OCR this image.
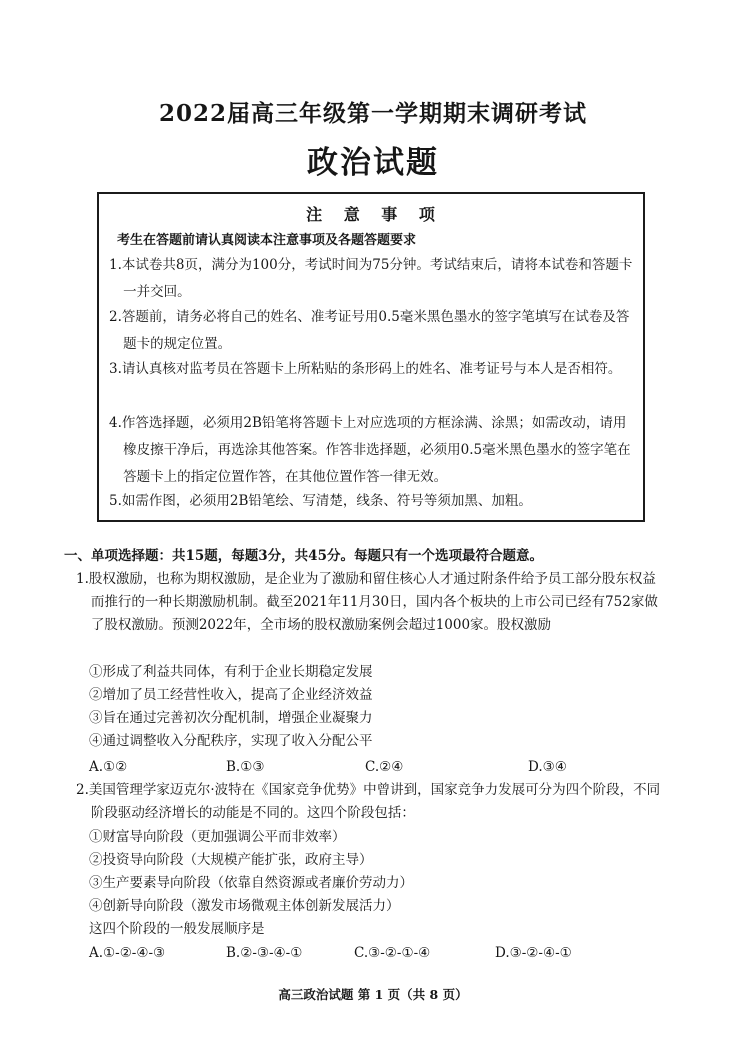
2022届高三年级第一学期期末调研考试
政治试题
注 意 事 项
考生在答题前请认真阅读本注意事项及各题答题要求
1.本试卷共8页，满分为100分，考试时间为75分钟。考试结束后，请将本试卷和答题卡一并交回。
2.答题前，请务必将自己的姓名、准考证号用0.5毫米黑色墨水的签字笔填写在试卷及答题卡的规定位置。
3.请认真核对监考员在答题卡上所粘贴的条形码上的姓名、准考证号与本人是否相符。
4.作答选择题，必须用2B铅笔将答题卡上对应选项的方框涂满、涂黑；如需改动，请用橡皮擦干净后，再选涂其他答案。作答非选择题，必须用0.5毫米黑色墨水的签字笔在答题卡上的指定位置作答，在其他位置作答一律无效。
5.如需作图，必须用2B铅笔绘、写清楚，线条、符号等须加黑、加粗。
一、单项选择题：共15题，每题3分，共45分。每题只有一个选项最符合题意。
1.股权激励，也称为期权激励，是企业为了激励和留住核心人才通过附条件给予员工部分股东权益而推行的一种长期激励机制。截至2021年11月30日，国内各个板块的上市公司已经有752家做了股权激励。预测2022年，全市场的股权激励案例会超过1000家。股权激励
①形成了利益共同体，有利于企业长期稳定发展
②增加了员工经营性收入，提高了企业经济效益
③旨在通过完善初次分配机制，增强企业凝聚力
④通过调整收入分配秩序，实现了收入分配公平
A.①②	B.①③	C.②④	D.③④
2.美国管理学家迈克尔·波特在《国家竞争优势》中曾讲到，国家竞争力发展可分为四个阶段，不同阶段驱动经济增长的动能是不同的。这四个阶段包括：
①财富导向阶段（更加强调公平而非效率）
②投资导向阶段（大规模产能扩张，政府主导）
③生产要素导向阶段（依靠自然资源或者廉价劳动力）
④创新导向阶段（激发市场微观主体创新发展活力）
这四个阶段的一般发展顺序是
A.①-②-④-③	B.②-③-④-①	C.③-②-①-④	D.③-②-④-①
高三政治试题 第 1 页（共 8 页）
